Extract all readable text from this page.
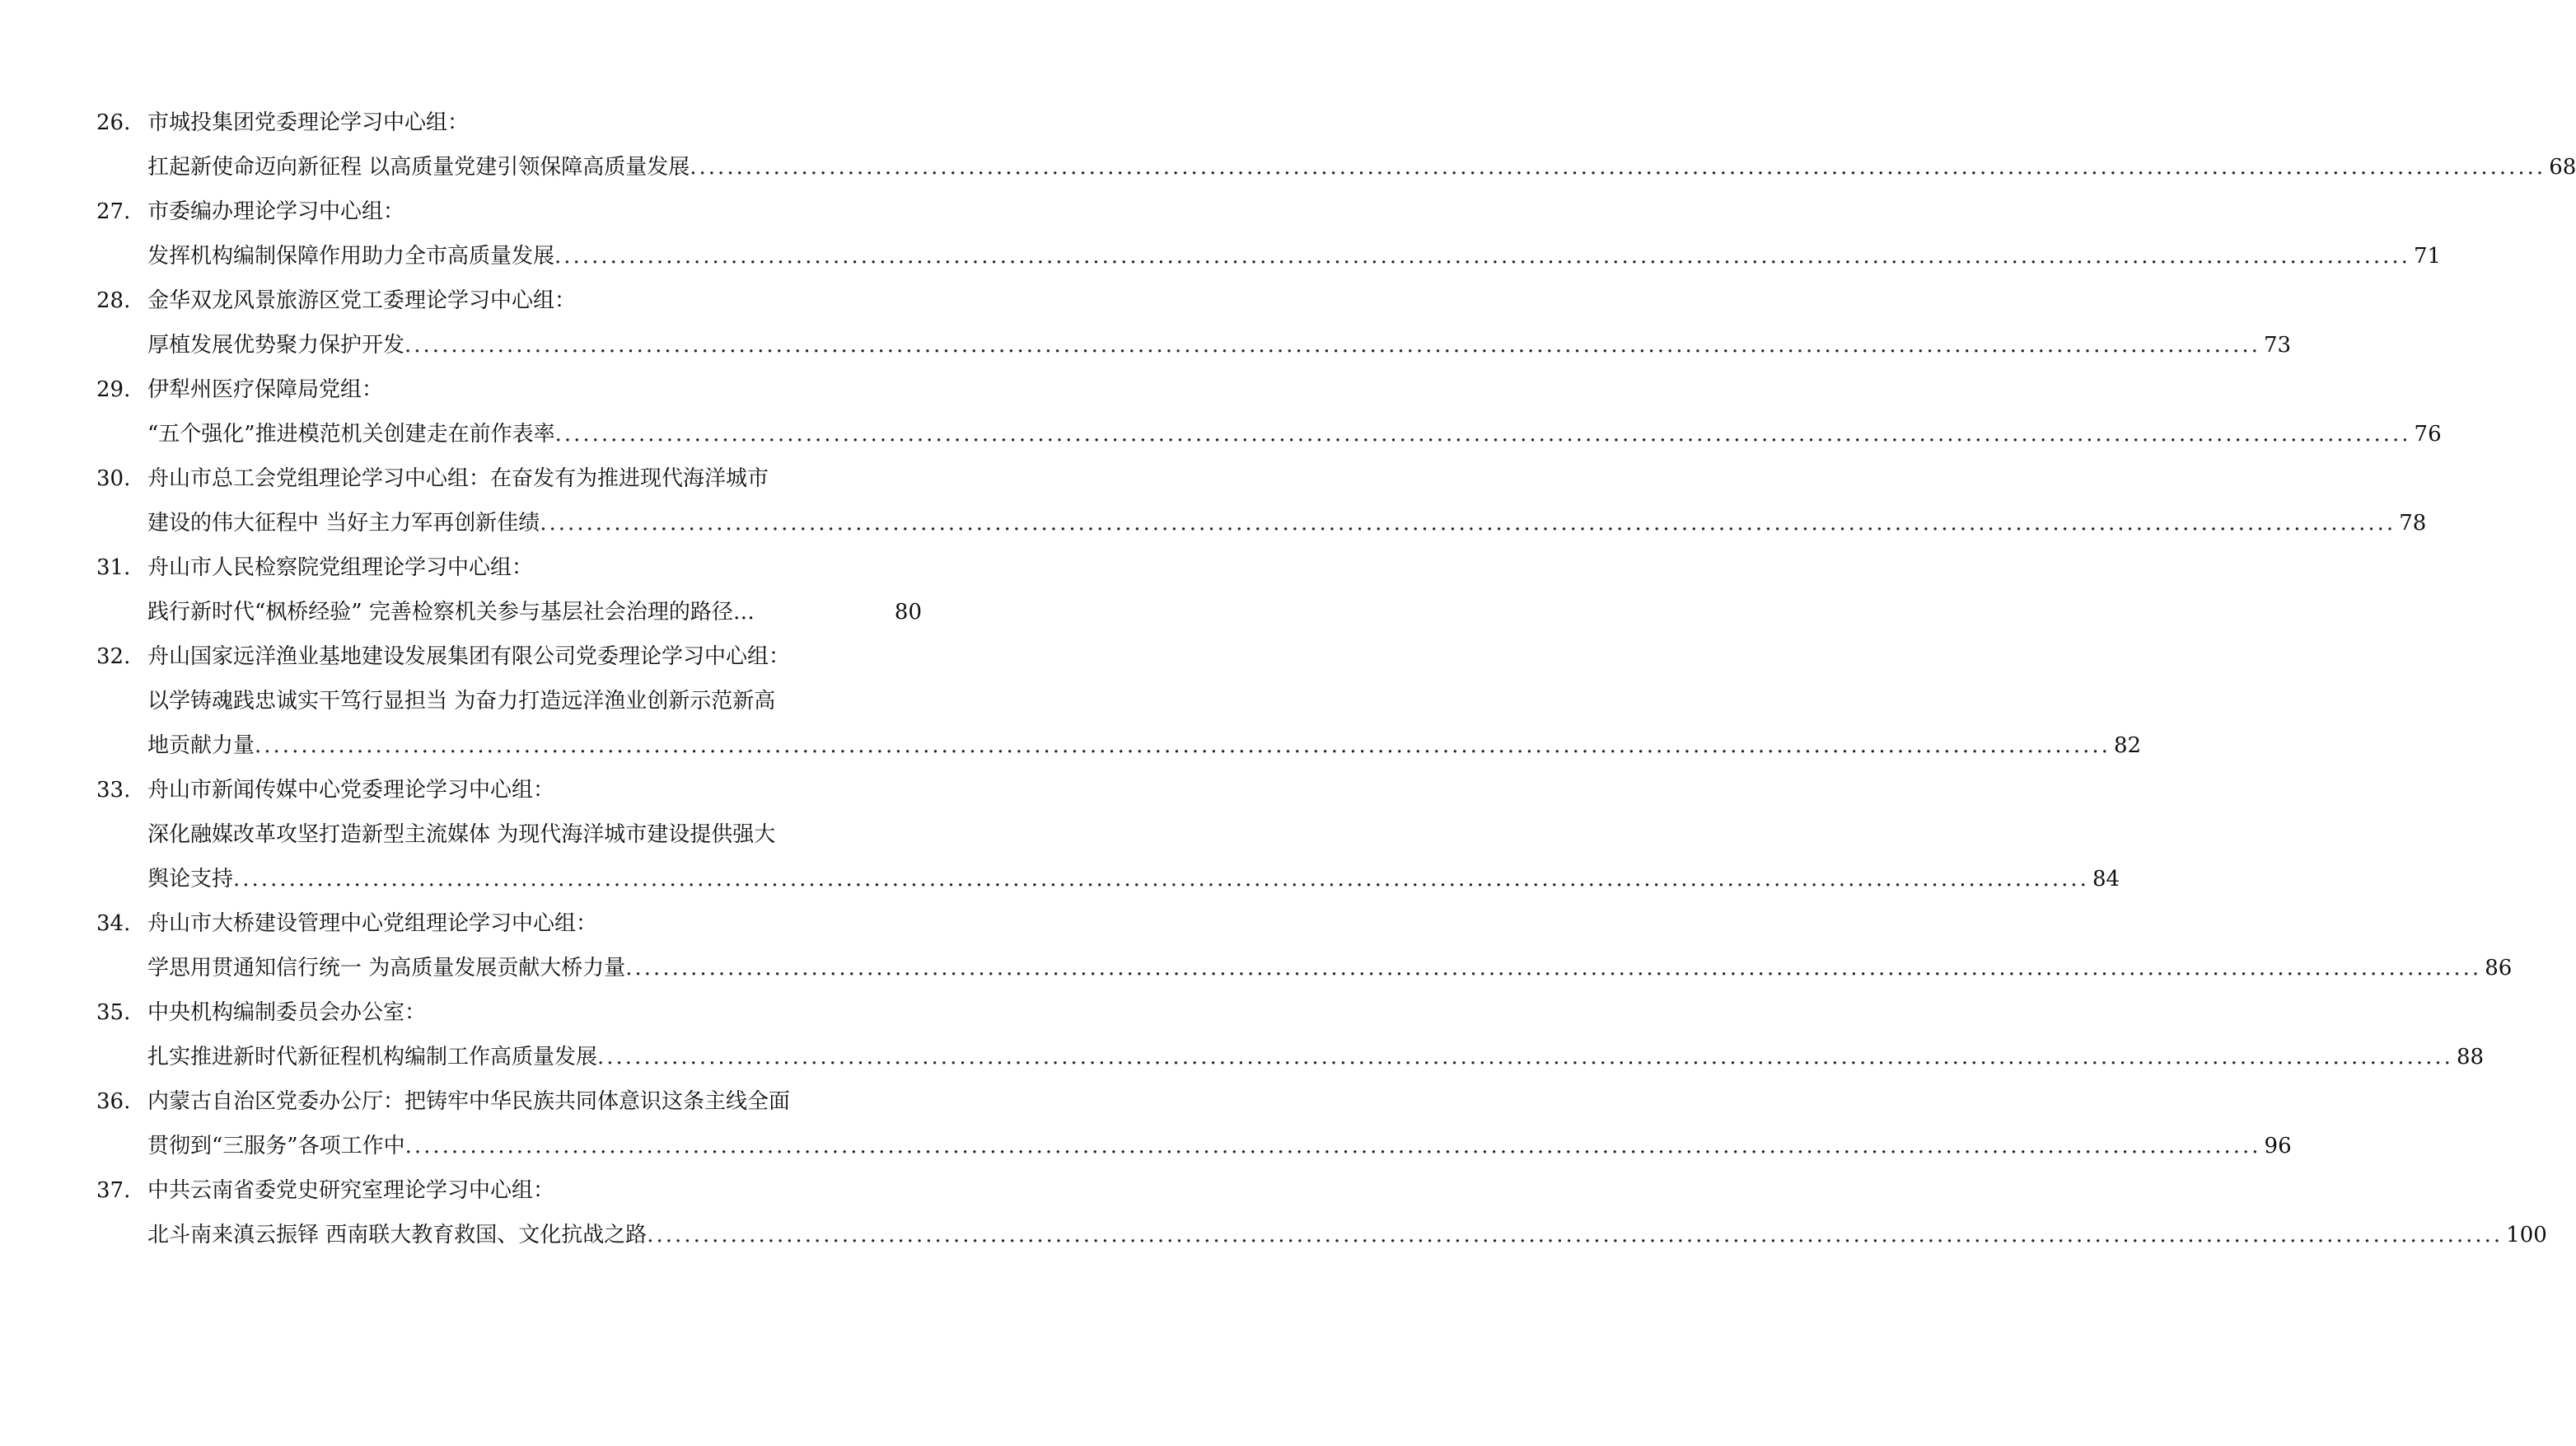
26. 市城投集团党委理论学习中心组：
扛起新使命迈向新征程 以高质量党建引领保障高质量发展 ........................................................................................................................................................................................................ 68
27. 市委编办理论学习中心组：
发挥机构编制保障作用助力全市高质量发展 ........................................................................................................................................................................................................ 71
28. 金华双龙风景旅游区党工委理论学习中心组：
厚植发展优势聚力保护开发 ........................................................................................................................................................................................................ 73
29. 伊犁州医疗保障局党组：
“五个强化”推进模范机关创建走在前作表率 ........................................................................................................................................................................................................ 76
30. 舟山市总工会党组理论学习中心组：在奋发有为推进现代海洋城市
建设的伟大征程中 当好主力军再创新佳绩 ........................................................................................................................................................................................................ 78
31. 舟山市人民检察院党组理论学习中心组：
践行新时代“枫桥经验” 完善检察机关参与基层社会治理的路径…	80
32. 舟山国家远洋渔业基地建设发展集团有限公司党委理论学习中心组：
以学铸魂践忠诚实干笃行显担当 为奋力打造远洋渔业创新示范新高
地贡献力量 ........................................................................................................................................................................................................ 82
33. 舟山市新闻传媒中心党委理论学习中心组：
深化融媒改革攻坚打造新型主流媒体 为现代海洋城市建设提供强大
舆论支持 ........................................................................................................................................................................................................ 84
34. 舟山市大桥建设管理中心党组理论学习中心组：
学思用贯通知信行统一 为高质量发展贡献大桥力量 ........................................................................................................................................................................................................ 86
35. 中央机构编制委员会办公室：
扎实推进新时代新征程机构编制工作高质量发展 ........................................................................................................................................................................................................ 88
36. 内蒙古自治区党委办公厅：把铸牢中华民族共同体意识这条主线全面
贯彻到“三服务”各项工作中 ........................................................................................................................................................................................................ 96
37. 中共云南省委党史研究室理论学习中心组：
北斗南来滇云振铎 西南联大教育救国、文化抗战之路 ........................................................................................................................................................................................................ 100
